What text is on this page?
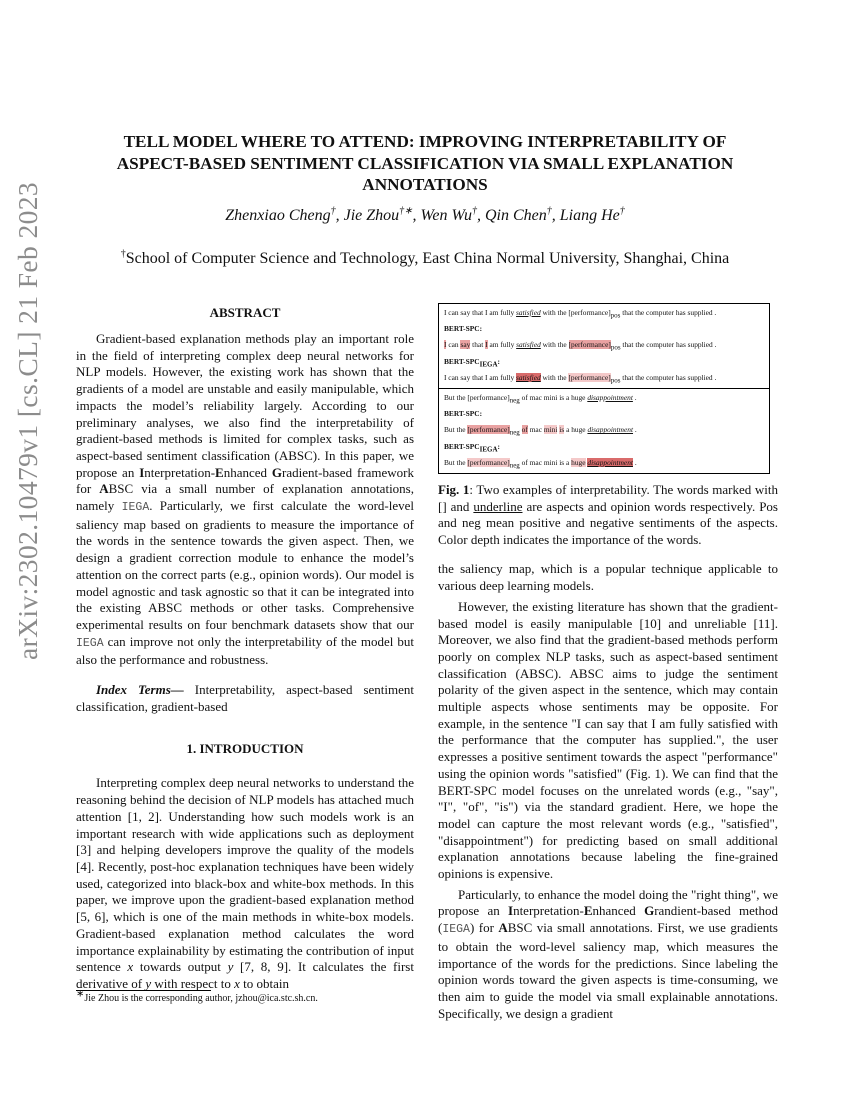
arXiv:2302.10479v1 [cs.CL] 21 Feb 2023
TELL MODEL WHERE TO ATTEND: IMPROVING INTERPRETABILITY OF
ASPECT-BASED SENTIMENT CLASSIFICATION VIA SMALL EXPLANATION
ANNOTATIONS
Zhenxiao Cheng†, Jie Zhou†∗, Wen Wu†, Qin Chen†, Liang He†
†School of Computer Science and Technology, East China Normal University, Shanghai, China

ABSTRACT

Gradient-based explanation methods play an important role in the field of interpreting complex deep neural networks for NLP models. However, the existing work has shown that the gradients of a model are unstable and easily manipulable, which impacts the model’s reliability largely. According to our preliminary analyses, we also find the interpretability of gradient-based methods is limited for complex tasks, such as aspect-based sentiment classification (ABSC). In this paper, we propose an Interpretation-Enhanced Gradient-based framework for ABSC via a small number of explanation annotations, namely IEGA. Particularly, we first calculate the word-level saliency map based on gradients to measure the importance of the words in the sentence towards the given aspect. Then, we design a gradient correction module to enhance the model’s attention on the correct parts (e.g., opinion words). Our model is model agnostic and task agnostic so that it can be integrated into the existing ABSC methods or other tasks. Comprehensive experimental results on four benchmark datasets show that our IEGA can improve not only the interpretability of the model but also the performance and robustness.

Index Terms— Interpretability, aspect-based sentiment classification, gradient-based

1. INTRODUCTION

Interpreting complex deep neural networks to understand the reasoning behind the decision of NLP models has attached much attention [1, 2]. Understanding how such models work is an important research with wide applications such as deployment [3] and helping developers improve the quality of the models [4]. Recently, post-hoc explanation techniques have been widely used, categorized into black-box and white-box methods. In this paper, we improve upon the gradient-based explanation method [5, 6], which is one of the main methods in white-box models. Gradient-based explanation method calculates the word importance explainability by estimating the contribution of input sentence x towards output y [7, 8, 9]. It calculates the first derivative of y with respect to x to obtain

I can say that I am fully satisfied with the $[performance]_{pos}$ that the computer has supplied .
BERT-SPC:
I can say that I am fully satisfied with the $[performance]_{pos}$ that the computer has supplied .
BERT-$SPC_{IEGA}$:
I can say that I am fully satisfied with the $[performance]_{pos}$ that the computer has supplied .
But the $[performance]_{neg}$ of mac mini is a huge disappointment .
BERT-SPC:
But the $[performance]_{neg}$ of mac mini is a huge disappointment .
BERT-$SPC_{IEGA}$:
But the $[performance]_{neg}$ of mac mini is a huge disappointment .
Fig. 1: Two examples of interpretability. The words marked with [] and underline are aspects and opinion words respectively. Pos and neg mean positive and negative sentiments of the aspects. Color depth indicates the importance of the words.

the saliency map, which is a popular technique applicable to various deep learning models.

However, the existing literature has shown that the gradient-based model is easily manipulable [10] and unreliable [11]. Moreover, we also find that the gradient-based methods perform poorly on complex NLP tasks, such as aspect-based sentiment classification (ABSC). ABSC aims to judge the sentiment polarity of the given aspect in the sentence, which may contain multiple aspects whose sentiments may be opposite. For example, in the sentence "I can say that I am fully satisfied with the performance that the computer has supplied.", the user expresses a positive sentiment towards the aspect "performance" using the opinion words "satisfied" (Fig. 1). We can find that the BERT-SPC model focuses on the unrelated words (e.g., "say", "I", "of", "is") via the standard gradient. Here, we hope the model can capture the most relevant words (e.g., "satisfied", "disappointment") for predicting based on small additional explanation annotations because labeling the fine-grained opinions is expensive.

Particularly, to enhance the model doing the "right thing", we propose an Interpretation-Enhanced Grandient-based method (IEGA) for ABSC via small annotations. First, we use gradients to obtain the word-level saliency map, which measures the importance of the words for the predictions. Since labeling the opinion words toward the given aspects is time-consuming, we then aim to guide the model via small explainable annotations. Specifically, we design a gradient

∗Jie Zhou is the corresponding author, jzhou@ica.stc.sh.cn.
